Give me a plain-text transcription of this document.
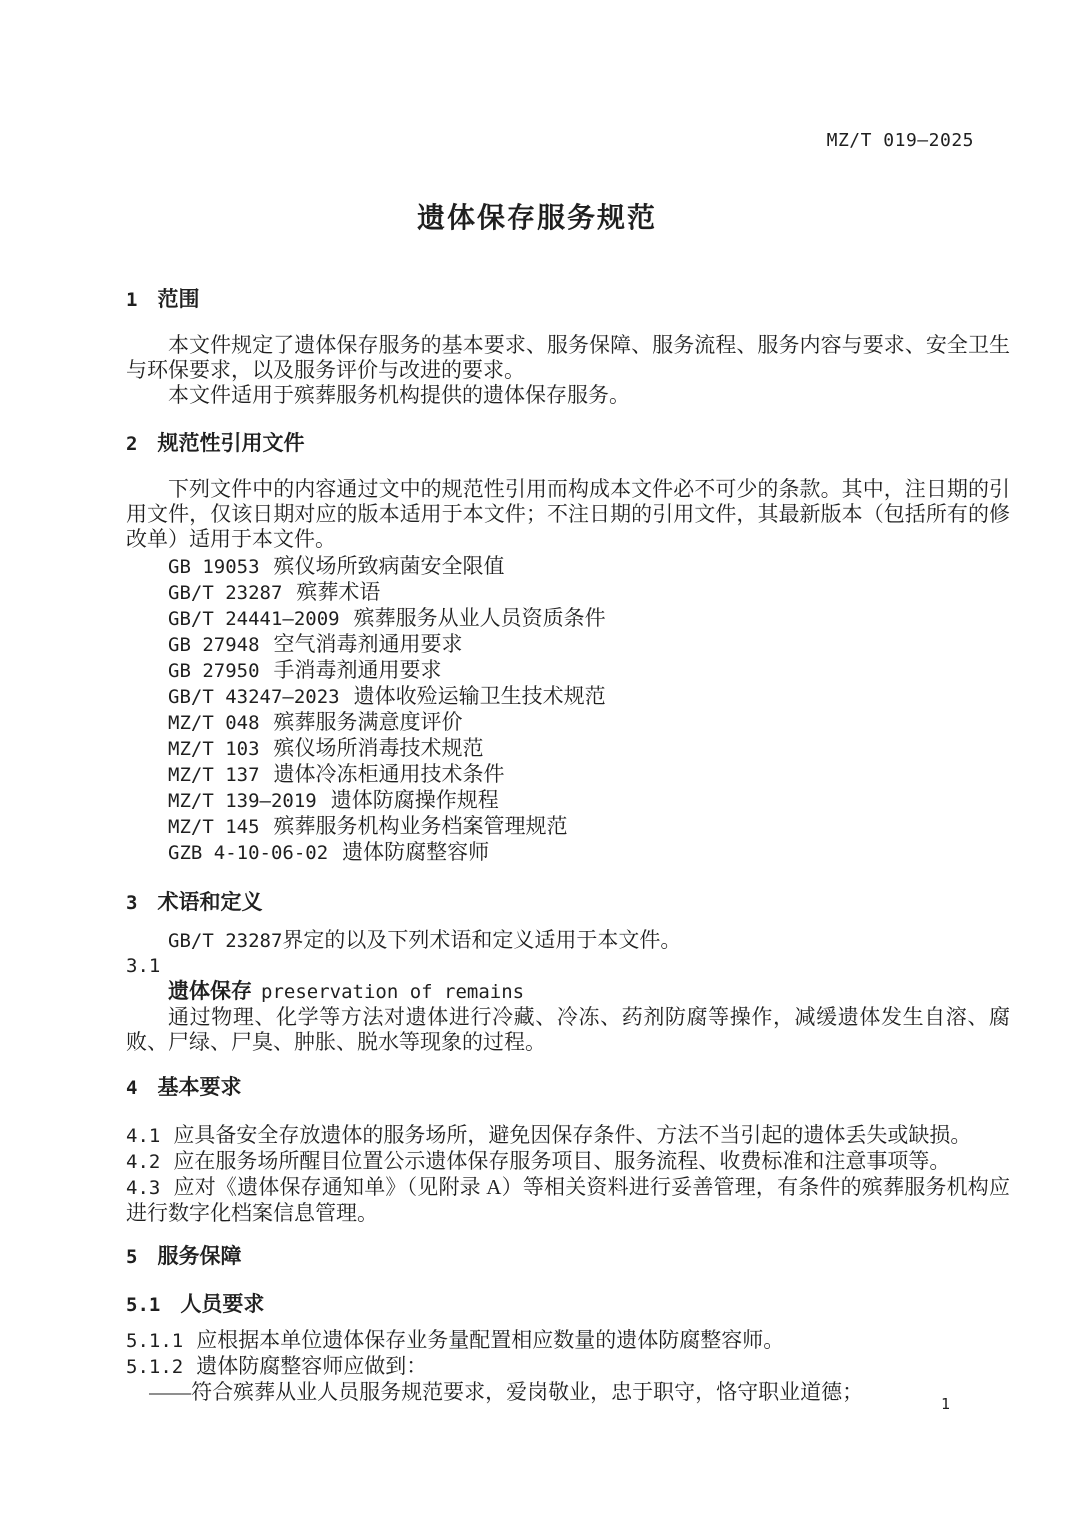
MZ/T 019—2025
遗体保存服务规范
1 范围

本文件规定了遗体保存服务的基本要求、服务保障、服务流程、服务内容与要求、安全卫生与环保要求，以及服务评价与改进的要求。

本文件适用于殡葬服务机构提供的遗体保存服务。

2 规范性引用文件

下列文件中的内容通过文中的规范性引用而构成本文件必不可少的条款。其中，注日期的引用文件，仅该日期对应的版本适用于本文件；不注日期的引用文件，其最新版本（包括所有的修改单）适用于本文件。

GB 19053 殡仪场所致病菌安全限值
GB/T 23287 殡葬术语
GB/T 24441—2009 殡葬服务从业人员资质条件
GB 27948 空气消毒剂通用要求
GB 27950 手消毒剂通用要求
GB/T 43247—2023 遗体收殓运输卫生技术规范
MZ/T 048 殡葬服务满意度评价
MZ/T 103 殡仪场所消毒技术规范
MZ/T 137 遗体冷冻柜通用技术条件
MZ/T 139—2019 遗体防腐操作规程
MZ/T 145 殡葬服务机构业务档案管理规范
GZB 4-10-06-02 遗体防腐整容师
3 术语和定义

GB/T 23287界定的以及下列术语和定义适用于本文件。

3.1

遗体保存 preservation of remains

通过物理、化学等方法对遗体进行冷藏、冷冻、药剂防腐等操作，减缓遗体发生自溶、腐败、尸绿、尸臭、肿胀、脱水等现象的过程。

4 基本要求

4.1 应具备安全存放遗体的服务场所，避免因保存条件、方法不当引起的遗体丢失或缺损。

4.2 应在服务场所醒目位置公示遗体保存服务项目、服务流程、收费标准和注意事项等。

4.3 应对《遗体保存通知单》（见附录 A）等相关资料进行妥善管理，有条件的殡葬服务机构应进行数字化档案信息管理。

5 服务保障
5.1 人员要求

5.1.1 应根据本单位遗体保存业务量配置相应数量的遗体防腐整容师。

5.1.2 遗体防腐整容师应做到：

——符合殡葬从业人员服务规范要求，爱岗敬业，忠于职守，恪守职业道德；	1
